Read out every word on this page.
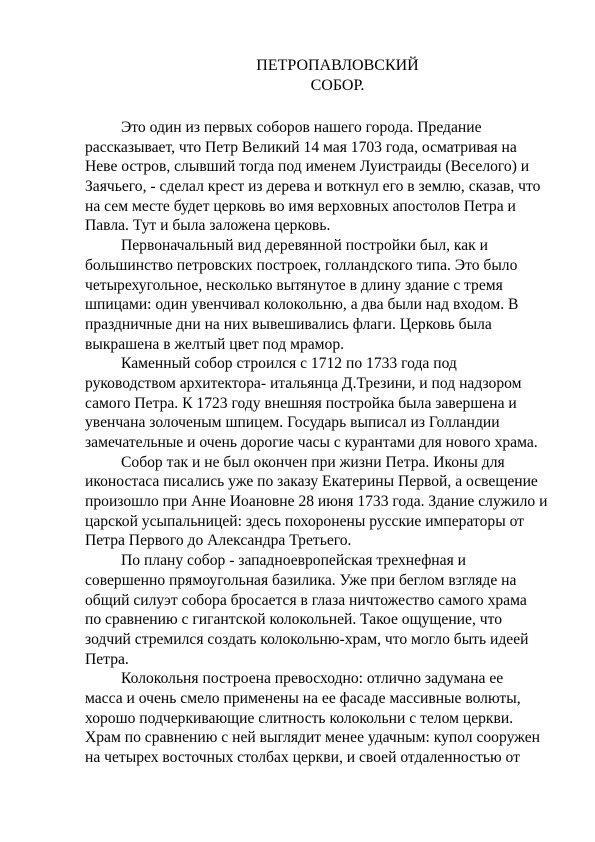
ПЕТРОПАВЛОВСКИЙ
СОБОР.
Это один из первых соборов нашего города. Предание
рассказывает, что Петр Великий 14 мая 1703 года, осматривая на
Неве остров, слывший тогда под именем Луистраиды (Веселого) и
Заячьего, - сделал крест из дерева и воткнул его в землю, сказав, что
на сем месте будет церковь во имя верховных апостолов Петра и
Павла. Тут и была заложена церковь.
Первоначальный вид деревянной постройки был, как и
большинство петровских построек, голландского типа. Это было
четырехугольное, несколько вытянутое в длину здание с тремя
шпицами: один увенчивал колокольню, а два были над входом. В
праздничные дни на них вывешивались флаги. Церковь была
выкрашена в желтый цвет под мрамор.
Каменный собор строился с 1712 по 1733 года под
руководством архитектора- итальянца Д.Трезини, и под надзором
самого Петра. К 1723 году внешняя постройка была завершена и
увенчана золоченым шпицем. Государь выписал из Голландии
замечательные и очень дорогие часы с курантами для нового храма.
Собор так и не был окончен при жизни Петра. Иконы для
иконостаса писались уже по заказу Екатерины Первой, а освещение
произошло при Анне Иоановне 28 июня 1733 года. Здание служило и
царской усыпальницей: здесь похоронены русские императоры от
Петра Первого до Александра Третьего.
По плану собор - западноевропейская трехнефная и
совершенно прямоугольная базилика. Уже при беглом взгляде на
общий силуэт собора бросается в глаза ничтожество самого храма
по сравнению с гигантской колокольней. Такое ощущение, что
зодчий стремился создать колокольню-храм, что могло быть идеей
Петра.
Колокольня построена превосходно: отлично задумана ее
масса и очень смело применены на ее фасаде массивные волюты,
хорошо подчеркивающие слитность колокольни с телом церкви.
Храм по сравнению с ней выглядит менее удачным: купол сооружен
на четырех восточных столбах церкви, и своей отдаленностью от
